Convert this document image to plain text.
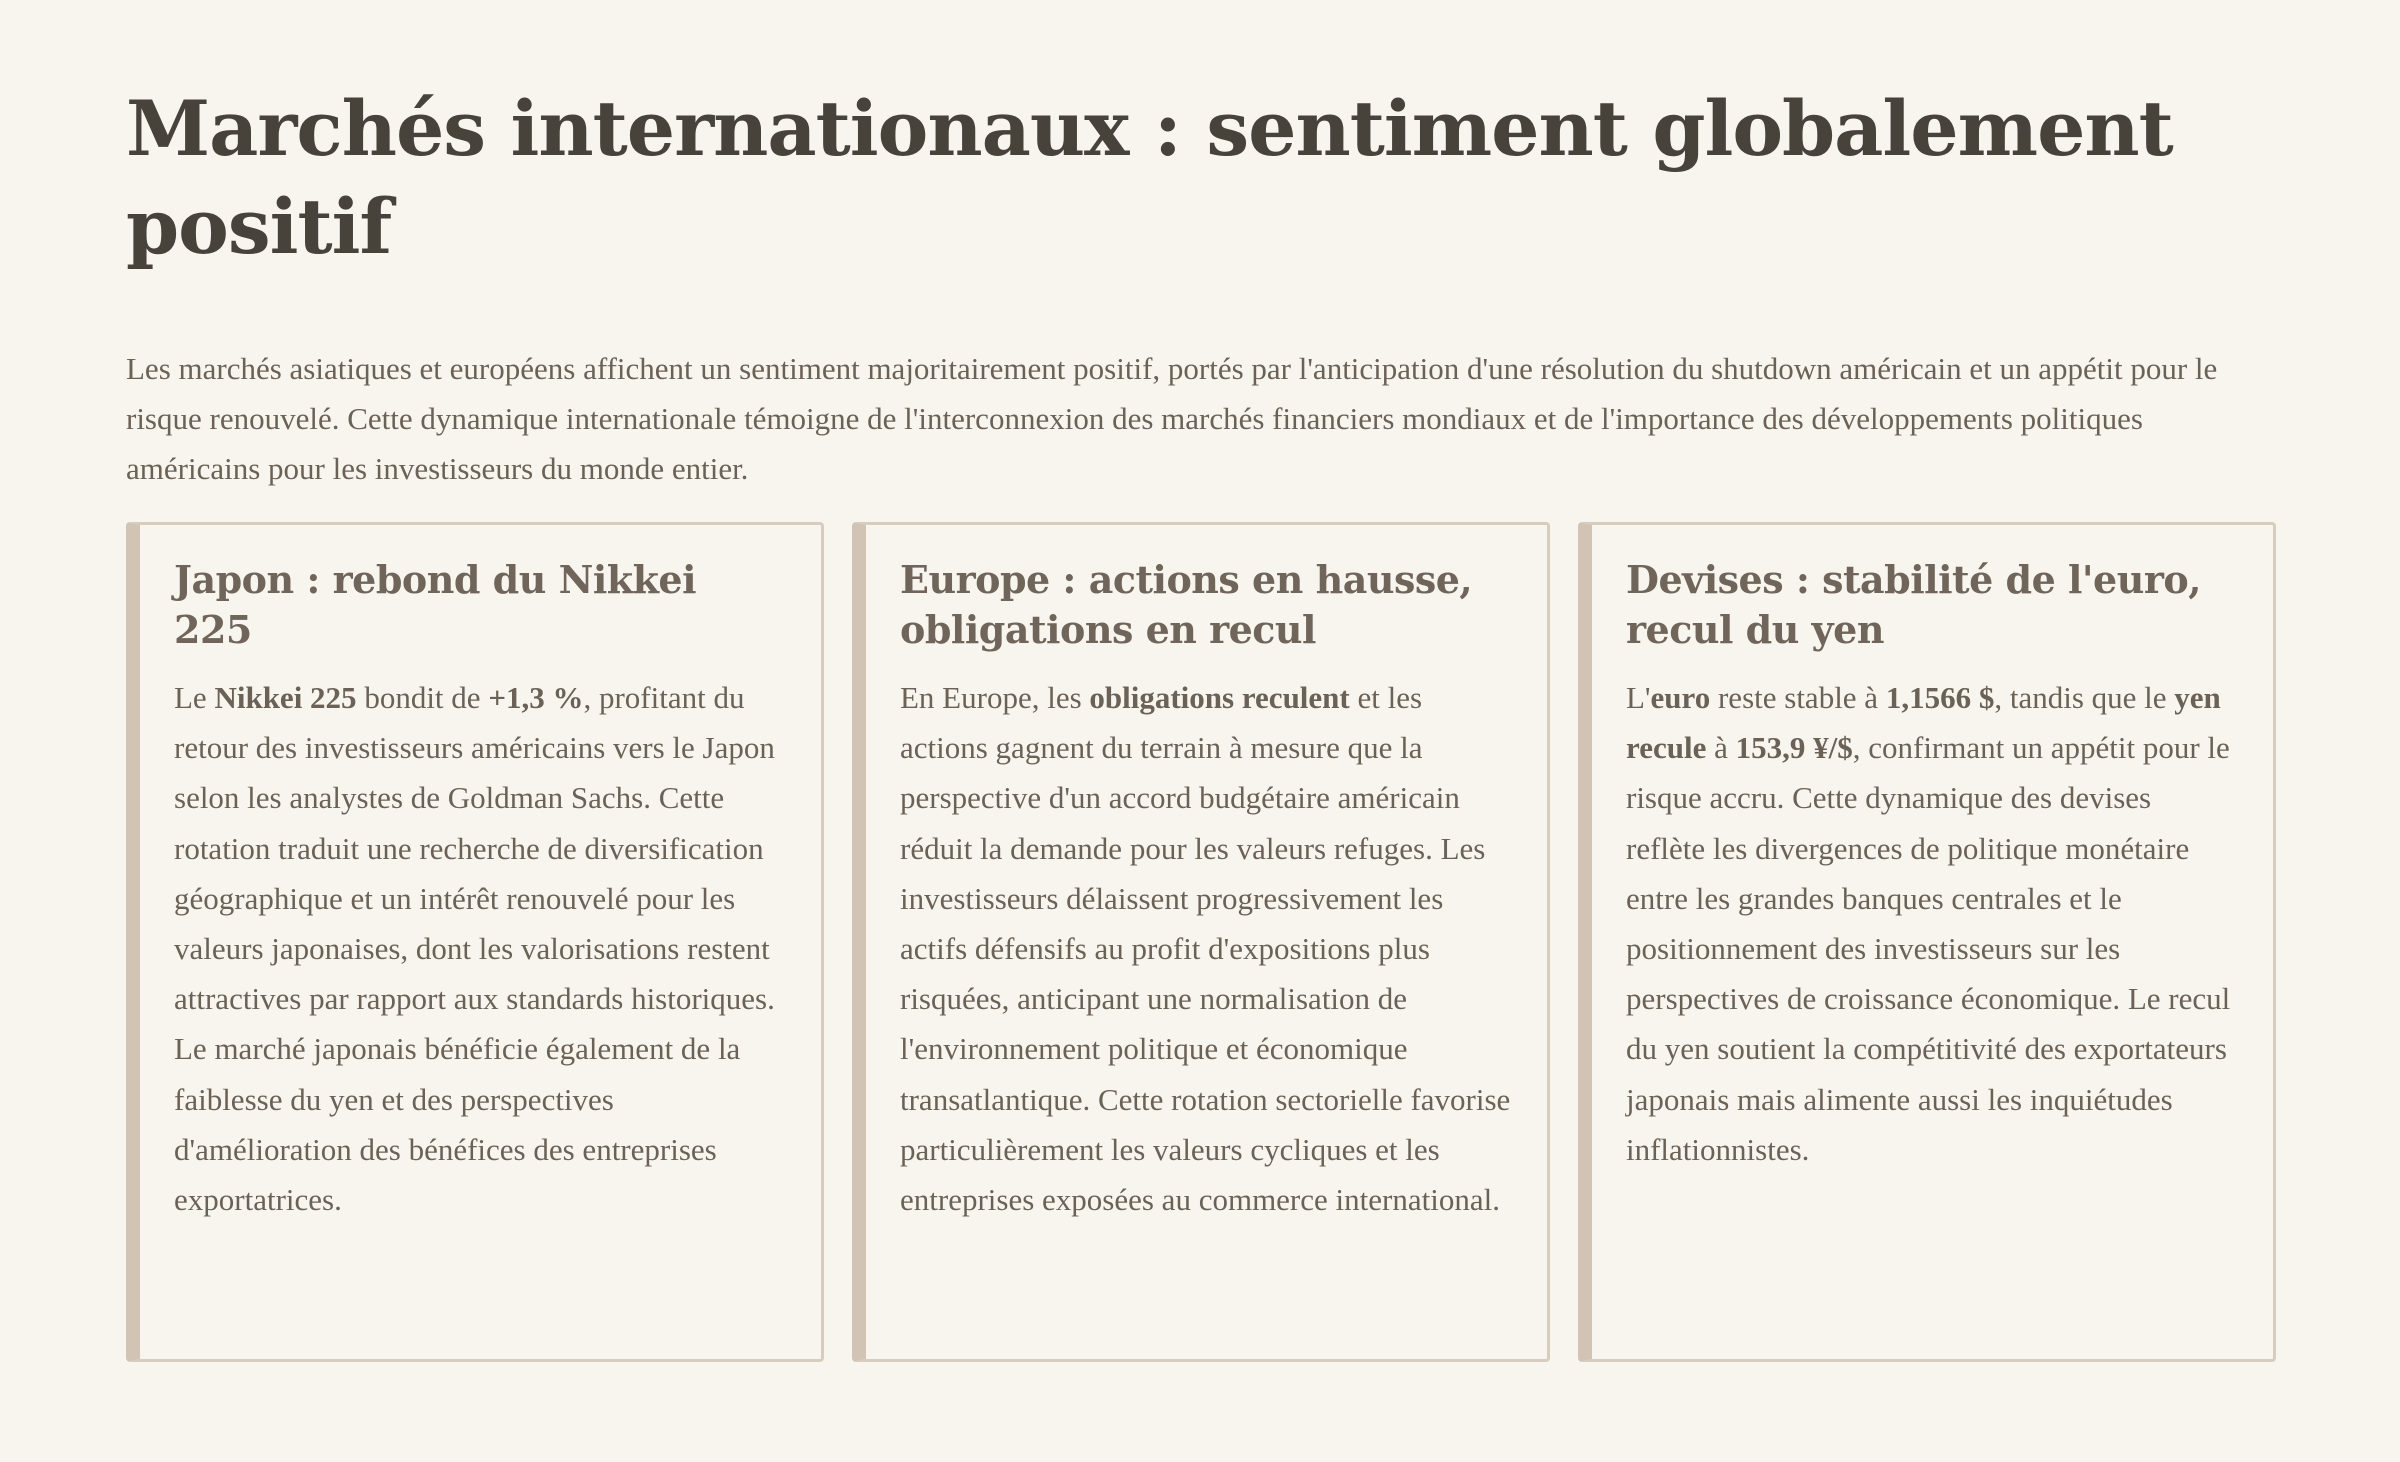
Marchés internationaux : sentiment globalement positif

Les marchés asiatiques et européens affichent un sentiment majoritairement positif, portés par l'anticipation d'une résolution du shutdown américain et un appétit pour le risque renouvelé. Cette dynamique internationale témoigne de l'interconnexion des marchés financiers mondiaux et de l'importance des développements politiques américains pour les investisseurs du monde entier.

Japon : rebond du Nikkei 225

Le Nikkei 225 bondit de +1,3 %, profitant du retour des investisseurs américains vers le Japon selon les analystes de Goldman Sachs. Cette rotation traduit une recherche de diversification géographique et un intérêt renouvelé pour les valeurs japonaises, dont les valorisations restent attractives par rapport aux standards historiques. Le marché japonais bénéficie également de la faiblesse du yen et des perspectives d'amélioration des bénéfices des entreprises exportatrices.

Europe : actions en hausse, obligations en recul

En Europe, les obligations reculent et les actions gagnent du terrain à mesure que la perspective d'un accord budgétaire américain réduit la demande pour les valeurs refuges. Les investisseurs délaissent progressivement les actifs défensifs au profit d'expositions plus risquées, anticipant une normalisation de l'environnement politique et économique transatlantique. Cette rotation sectorielle favorise particulièrement les valeurs cycliques et les entreprises exposées au commerce international.

Devises : stabilité de l'euro, recul du yen

L'euro reste stable à 1,1566 $, tandis que le yen recule à 153,9 ¥/$, confirmant un appétit pour le risque accru. Cette dynamique des devises reflète les divergences de politique monétaire entre les grandes banques centrales et le positionnement des investisseurs sur les perspectives de croissance économique. Le recul du yen soutient la compétitivité des exportateurs japonais mais alimente aussi les inquiétudes inflationnistes.
